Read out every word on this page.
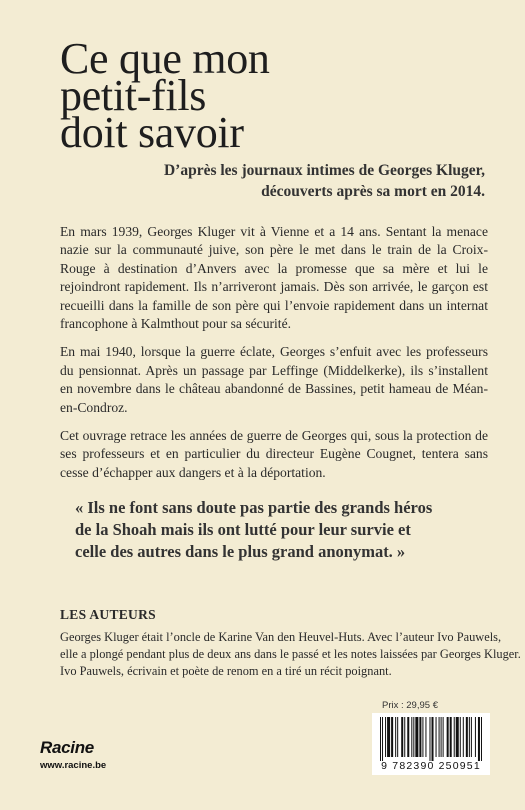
Ce que mon
petit-fils
doit savoir
D’après les journaux intimes de Georges Kluger,
découverts après sa mort en 2014.

En mars 1939, Georges Kluger vit à Vienne et a 14 ans. Sentant la menace nazie sur la communauté juive, son père le met dans le train de la Croix-Rouge à destination d’Anvers avec la promesse que sa mère et lui le rejoindront rapidement. Ils n’arriveront jamais. Dès son arrivée, le garçon est recueilli dans la famille de son père qui l’envoie rapidement dans un internat francophone à Kalmthout pour sa sécurité.

En mai 1940, lorsque la guerre éclate, Georges s’enfuit avec les professeurs du pensionnat. Après un passage par Leffinge (Middelkerke), ils s’installent en novembre dans le château abandonné de Bassines, petit hameau de Méan-en-Condroz.

Cet ouvrage retrace les années de guerre de Georges qui, sous la protection de ses professeurs et en particulier du directeur Eugène Cougnet, tentera sans cesse d’échapper aux dangers et à la déportation.

« Ils ne font sans doute pas partie des grands héros
de la Shoah mais ils ont lutté pour leur survie et
celle des autres dans le plus grand anonymat. »
LES AUTEURS
Georges Kluger était l’oncle de Karine Van den Heuvel-Huts. Avec l’auteur Ivo Pauwels,
elle a plongé pendant plus de deux ans dans le passé et les notes laissées par Georges Kluger.
Ivo Pauwels, écrivain et poète de renom en a tiré un récit poignant.
Prix : 29,95 €
9 782390 250951
Racine
www.racine.be
